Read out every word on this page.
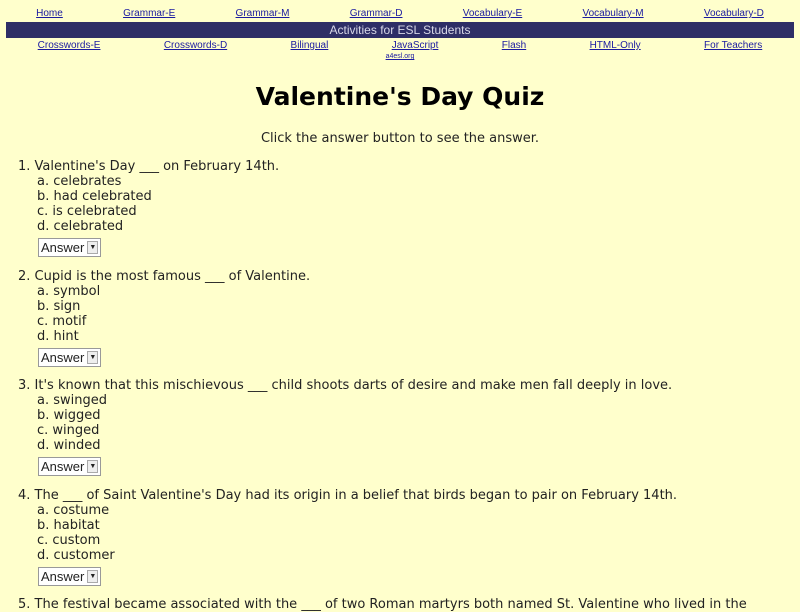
Home	Grammar-E	Grammar-M	Grammar-D	Vocabulary-E	Vocabulary-M	Vocabulary-D
Activities for ESL Students
Crosswords-E	Crosswords-D	Bilingual	JavaScript	Flash	HTML-Only	For Teachers
a4esl.org
Valentine's Day Quiz
Click the answer button to see the answer.
1. Valentine's Day ___ on February 14th.
a. celebrates
b. had celebrated
c. is celebrated
d. celebrated
Answer ▼
2. Cupid is the most famous ___ of Valentine.
a. symbol
b. sign
c. motif
d. hint
Answer ▼
3. It's known that this mischievous ___ child shoots darts of desire and make men fall deeply in love.
a. swinged
b. wigged
c. winged
d. winded
Answer ▼
4. The ___ of Saint Valentine's Day had its origin in a belief that birds began to pair on February 14th.
a. costume
b. habitat
c. custom
d. customer
Answer ▼
5. The festival became associated with the ___ of two Roman martyrs both named St. Valentine who lived in the
